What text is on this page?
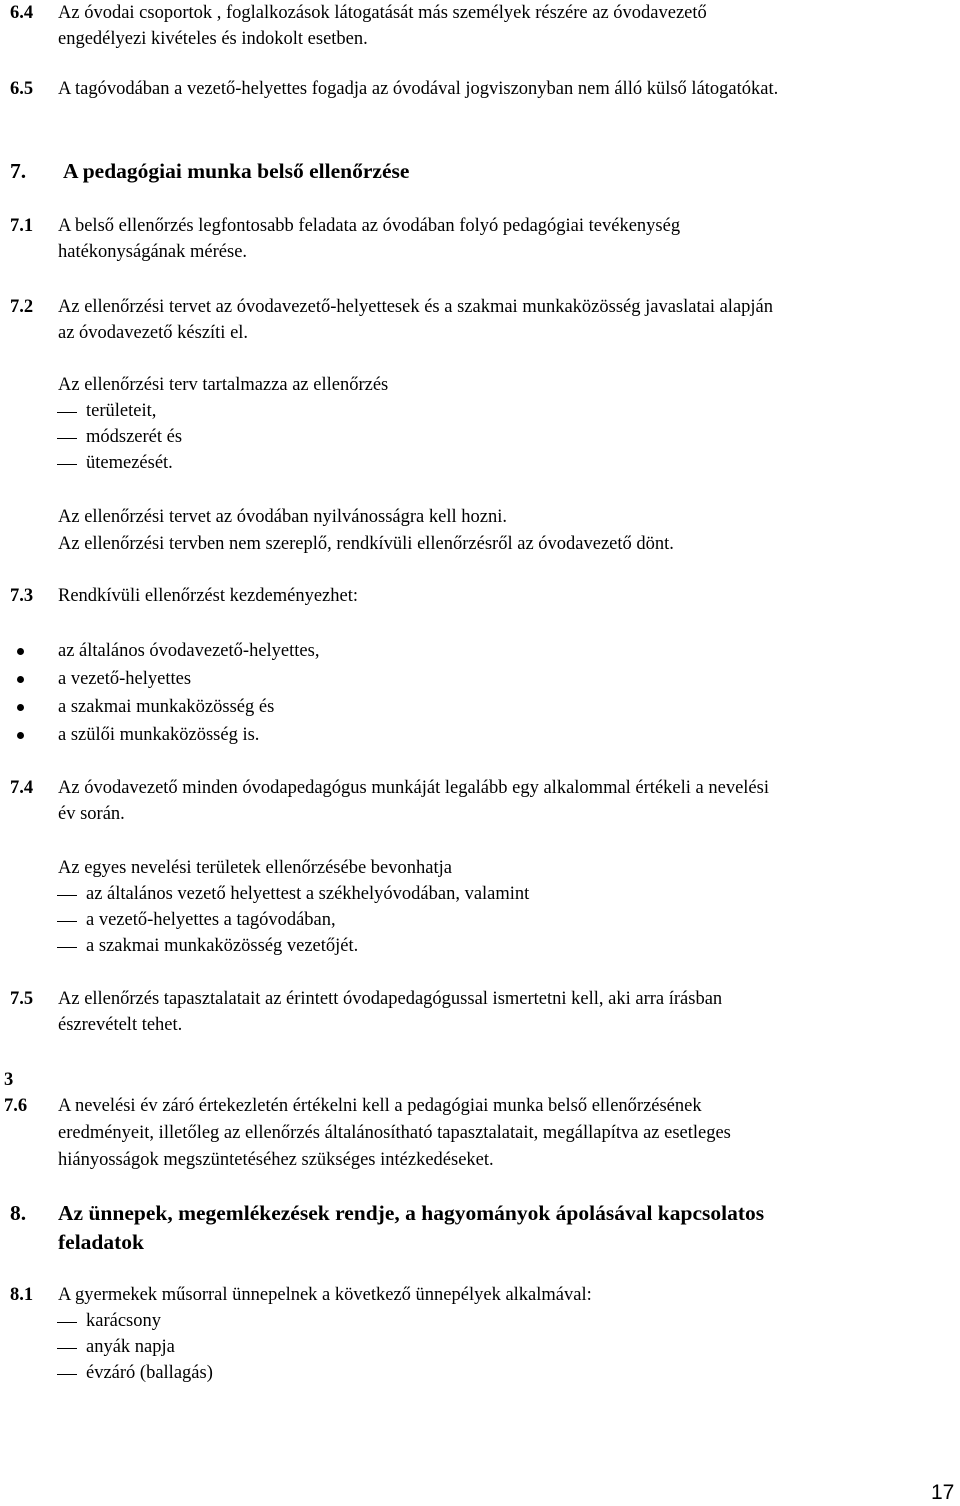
6.4 Az óvodai csoportok , foglalkozások látogatását más személyek részére az óvodavezető
engedélyezi kivételes és indokolt esetben.
6.5 A tagóvodában a vezető-helyettes fogadja az óvodával jogviszonyban nem álló külső látogatókat.
7. A pedagógiai munka belső ellenőrzése
7.1 A belső ellenőrzés legfontosabb feladata az óvodában folyó pedagógiai tevékenység
hatékonyságának mérése.
7.2 Az ellenőrzési tervet az óvodavezető-helyettesek és a szakmai munkaközösség javaslatai alapján
az óvodavezető készíti el.
Az ellenőrzési terv tartalmazza az ellenőrzés
területeit,
módszerét és
ütemezését.
Az ellenőrzési tervet az óvodában nyilvánosságra kell hozni.
Az ellenőrzési tervben nem szereplő, rendkívüli ellenőrzésről az óvodavezető dönt.
7.3 Rendkívüli ellenőrzést kezdeményezhet:
az általános óvodavezető-helyettes,
a vezető-helyettes
a szakmai munkaközösség és
a szülői munkaközösség is.
7.4 Az óvodavezető minden óvodapedagógus munkáját legalább egy alkalommal értékeli a nevelési
év során.
Az egyes nevelési területek ellenőrzésébe bevonhatja
az általános vezető helyettest a székhelyóvodában, valamint
a vezető-helyettes a tagóvodában,
a szakmai munkaközösség vezetőjét.
7.5 Az ellenőrzés tapasztalatait az érintett óvodapedagógussal ismertetni kell, aki arra írásban
észrevételt tehet.
3
7.6 A nevelési év záró értekezletén értékelni kell a pedagógiai munka belső ellenőrzésének
eredményeit, illetőleg az ellenőrzés általánosítható tapasztalatait, megállapítva az esetleges
hiányosságok megszüntetéséhez szükséges intézkedéseket.
8. Az ünnepek, megemlékezések rendje, a hagyományok ápolásával kapcsolatos
feladatok
8.1 A gyermekek műsorral ünnepelnek a következő ünnepélyek alkalmával:
karácsony
anyák napja
évzáró (ballagás)
17
